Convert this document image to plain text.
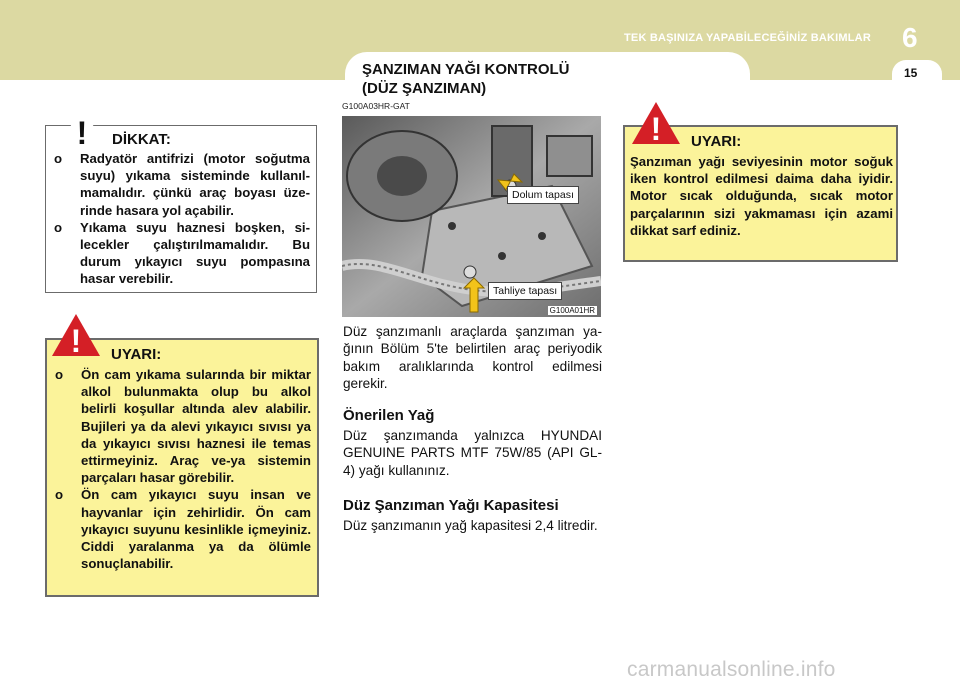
TEK BAŞINIZA YAPABİLECEĞİNİZ BAKIMLAR 6
15
ŞANZIMAN YAĞI KONTROLÜ
(DÜZ ŞANZIMAN)
G100A03HR-GAT
DİKKAT:
o Radyatör antifrizi (motor soğutma suyu) yıkama sisteminde kullanılmamalıdır. çünkü araç boyası üzerinde hasara yol açabilir.
o Yıkama suyu haznesi boşken, silecekler çalıştırılmamalıdır. Bu durum yıkayıcı suyu pompasına hasar verebilir.
!
UYARI:
o Ön cam yıkama sularında bir miktar alkol bulunmakta olup bu alkol belirli koşullar altında alev alabilir. Bujileri ya da alevi yıkayıcı sıvısı ya da yıkayıcı sıvısı haznesi ile temas ettirmeyiniz. Araç ve-ya sistemin parçaları hasar görebilir.
o Ön cam yıkayıcı suyu insan ve hayvanlar için zehirlidir. Ön cam yıkayıcı suyunu kesinlikle içmeyiniz. Ciddi yaralanma ya da ölümle sonuçlanabilir.
!
Dolum tapası
Tahliye tapası
G100A01HR
Düz şanzımanlı araçlarda şanzıman yağının Bölüm 5'te belirtilen araç periyodik bakım aralıklarında kontrol edilmesi gerekir.
Önerilen Yağ
Düz şanzımanda yalnızca HYUNDAI GENUINE PARTS MTF 75W/85 (API GL-4) yağı kullanınız.
Düz Şanzıman Yağı Kapasitesi
Düz şanzımanın yağ kapasitesi 2,4 litredir.
UYARI:
Şanzıman yağı seviyesinin motor soğuk iken kontrol edilmesi daima daha iyidir. Motor sıcak olduğunda, sıcak motor parçalarının sizi yakmaması için azami dikkat sarf ediniz.
!
carmanualsonline.info
